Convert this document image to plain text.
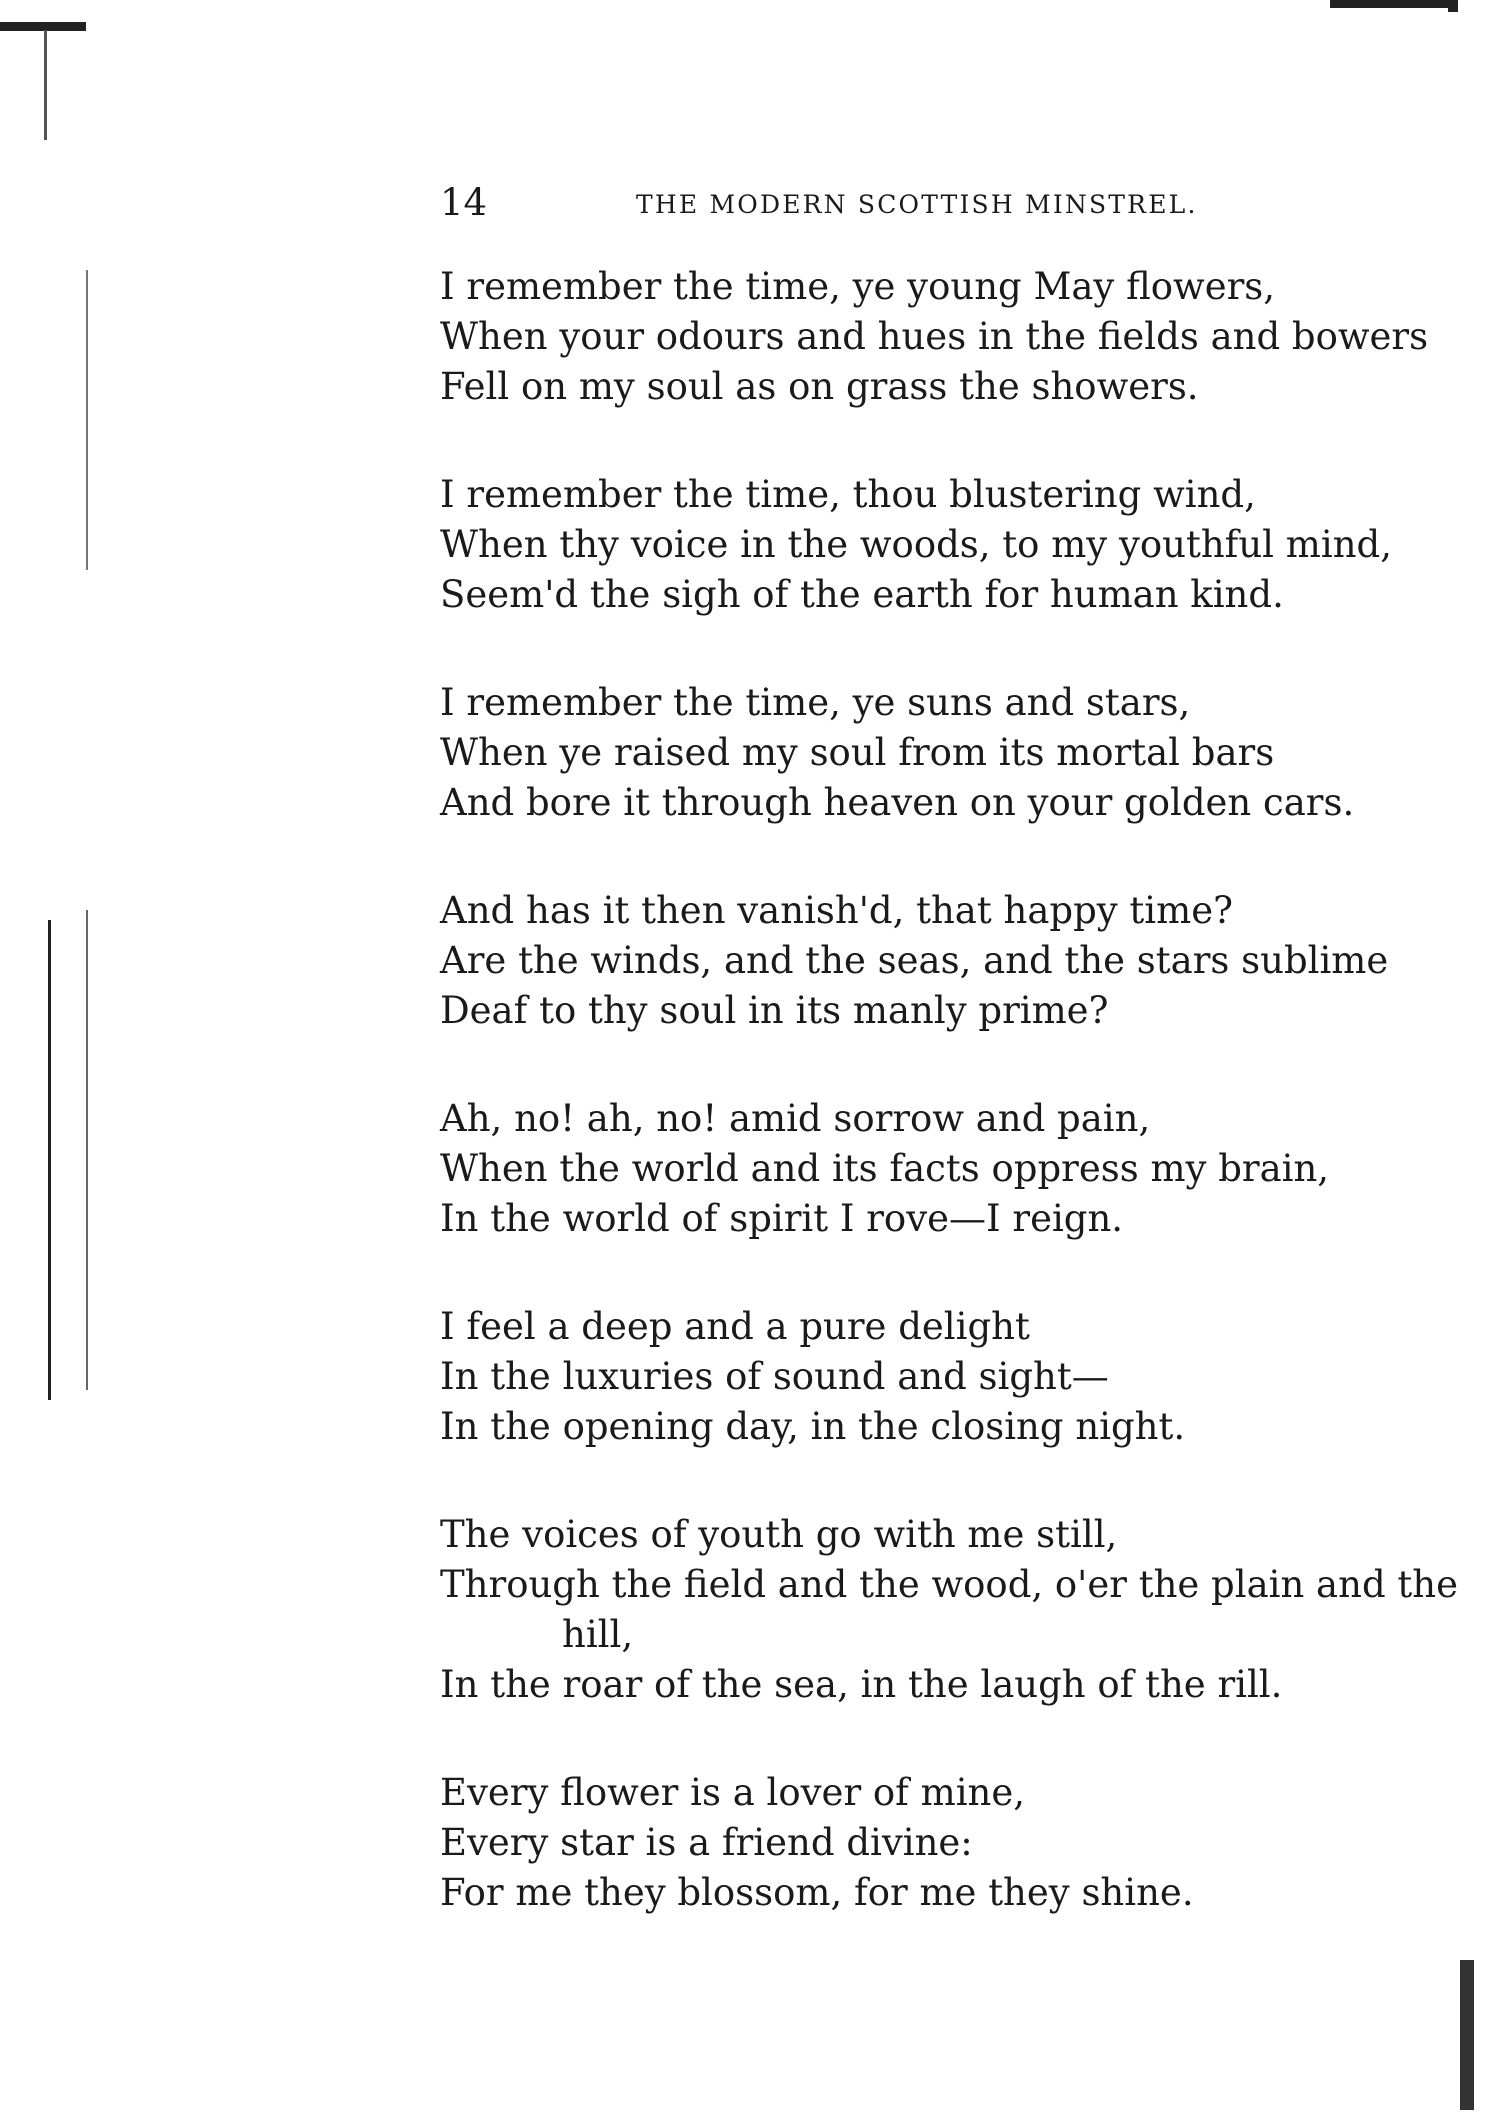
14	THE MODERN SCOTTISH MINSTREL.

I remember the time, ye young May flowers,

When your odours and hues in the fields and bowers

Fell on my soul as on grass the showers.

I remember the time, thou blustering wind,

When thy voice in the woods, to my youthful mind,

Seem'd the sigh of the earth for human kind.

I remember the time, ye suns and stars,

When ye raised my soul from its mortal bars

And bore it through heaven on your golden cars.

And has it then vanish'd, that happy time?

Are the winds, and the seas, and the stars sublime

Deaf to thy soul in its manly prime?

Ah, no! ah, no! amid sorrow and pain,

When the world and its facts oppress my brain,

In the world of spirit I rove—I reign.

I feel a deep and a pure delight

In the luxuries of sound and sight—

In the opening day, in the closing night.

The voices of youth go with me still,

Through the field and the wood, o'er the plain and the

hill,

In the roar of the sea, in the laugh of the rill.

Every flower is a lover of mine,

Every star is a friend divine:

For me they blossom, for me they shine.
